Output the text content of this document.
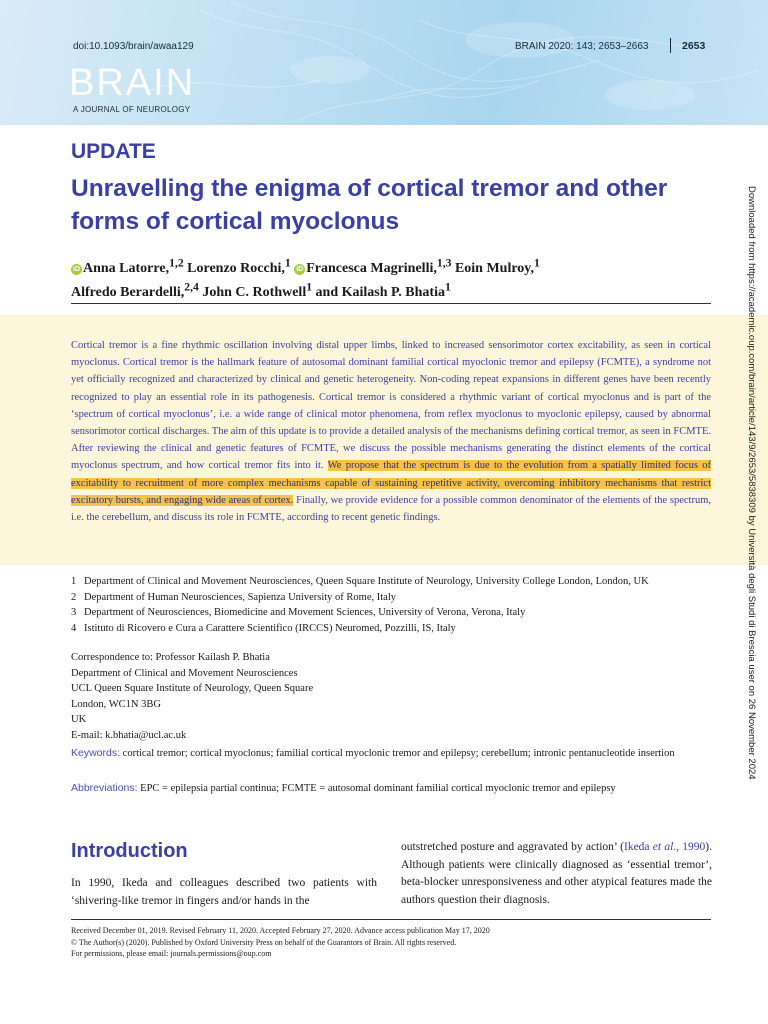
doi:10.1093/brain/awaa129	BRAIN 2020: 143; 2653–2663	2653
BRAIN
A JOURNAL OF NEUROLOGY
UPDATE
Unravelling the enigma of cortical tremor and other forms of cortical myoclonus
iD Anna Latorre,$^{1,2}$ Lorenzo Rocchi,$^1$ iD Francesca Magrinelli,$^{1,3}$ Eoin Mulroy,$^1$
Alfredo Berardelli,$^{2,4}$ John C. Rothwell$^1$ and Kailash P. Bhatia$^1$
Cortical tremor is a fine rhythmic oscillation involving distal upper limbs, linked to increased sensorimotor cortex excitability, as seen in cortical myoclonus. Cortical tremor is the hallmark feature of autosomal dominant familial cortical myoclonic tremor and epilepsy (FCMTE), a syndrome not yet officially recognized and characterized by clinical and genetic heterogeneity. Non-coding repeat expansions in different genes have been recently recognized to play an essential role in its pathogenesis. Cortical tremor is considered a rhythmic variant of cortical myoclonus and is part of the ‘spectrum of cortical myoclonus’, i.e. a wide range of clinical motor phenomena, from reflex myoclonus to myoclonic epilepsy, caused by abnormal sensorimotor cortical discharges. The aim of this update is to provide a detailed analysis of the mechanisms defining cortical tremor, as seen in FCMTE. After reviewing the clinical and genetic features of FCMTE, we discuss the possible mechanisms generating the distinct elements of the cortical myoclonus spectrum, and how cortical tremor fits into it. We propose that the spectrum is due to the evolution from a spatially limited focus of excitability to recruitment of more complex mechanisms capable of sustaining repetitive activity, overcoming inhibitory mechanisms that restrict excitatory bursts, and engaging wide areas of cortex. Finally, we provide evidence for a possible common denominator of the elements of the spectrum, i.e. the cerebellum, and discuss its role in FCMTE, according to recent genetic findings.
1 Department of Clinical and Movement Neurosciences, Queen Square Institute of Neurology, University College London, London, UK
2 Department of Human Neurosciences, Sapienza University of Rome, Italy
3 Department of Neurosciences, Biomedicine and Movement Sciences, University of Verona, Verona, Italy
4 Istituto di Ricovero e Cura a Carattere Scientifico (IRCCS) Neuromed, Pozzilli, IS, Italy
Correspondence to: Professor Kailash P. Bhatia
Department of Clinical and Movement Neurosciences
UCL Queen Square Institute of Neurology, Queen Square
London, WC1N 3BG
UK
E-mail: k.bhatia@ucl.ac.uk
Keywords: cortical tremor; cortical myoclonus; familial cortical myoclonic tremor and epilepsy; cerebellum; intronic pentanucleotide insertion
Abbreviations: EPC = epilepsia partial continua; FCMTE = autosomal dominant familial cortical myoclonic tremor and epilepsy
Introduction
In 1990, Ikeda and colleagues described two patients with ‘shivering-like tremor in fingers and/or hands in the
outstretched posture and aggravated by action’ (Ikeda et al., 1990). Although patients were clinically diagnosed as ‘essential tremor’, beta-blocker unresponsiveness and other atypical features made the authors question their diagnosis.
Received December 01, 2019. Revised February 11, 2020. Accepted February 27, 2020. Advance access publication May 17, 2020
© The Author(s) (2020). Published by Oxford University Press on behalf of the Guarantors of Brain. All rights reserved.
For permissions, please email: journals.permissions@oup.com
Downloaded from https://academic.oup.com/brain/article/143/9/2653/5838309 by Università degli Studi di Brescia user on 26 November 2024
